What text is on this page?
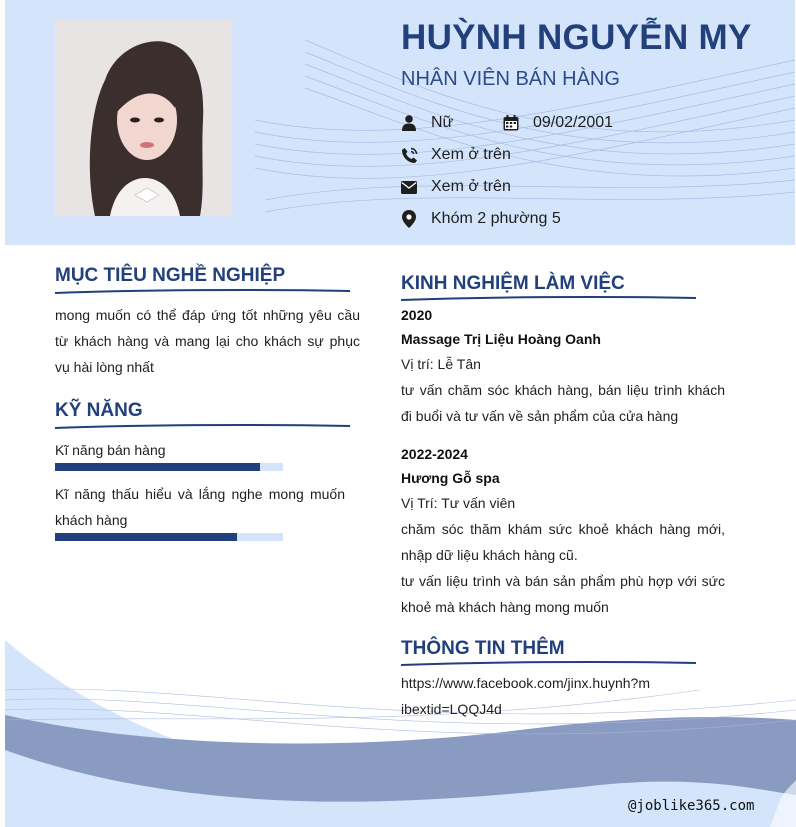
HUỲNH NGUYỄN MY
NHÂN VIÊN BÁN HÀNG
Nữ	09/02/2001
Xem ở trên
Xem ở trên
Khóm 2 phường 5
MỤC TIÊU NGHỀ NGHIỆP
mong muốn có thể đáp ứng tốt những yêu cầu từ khách hàng và mang lại cho khách sự phục vụ hài lòng nhất
KỸ NĂNG
Kĩ năng bán hàng
Kĩ năng thấu hiểu và lắng nghe mong muốn khách hàng
KINH NGHIỆM LÀM VIỆC
2020
Massage Trị Liệu Hoàng Oanh
Vị trí: Lễ Tân
tư vấn chăm sóc khách hàng, bán liệu trình khách đi buổi và tư vấn về sản phẩm của cửa hàng
2022-2024
Hương Gỗ spa
Vị Trí: Tư vấn viên
chăm sóc thăm khám sức khoẻ khách hàng mới, nhập dữ liệu khách hàng cũ.
tư vấn liệu trình và bán sản phẩm phù hợp với sức khoẻ mà khách hàng mong muốn
THÔNG TIN THÊM
https://www.facebook.com/jinx.huynh?mibextid=LQQJ4d
@joblike365.com
